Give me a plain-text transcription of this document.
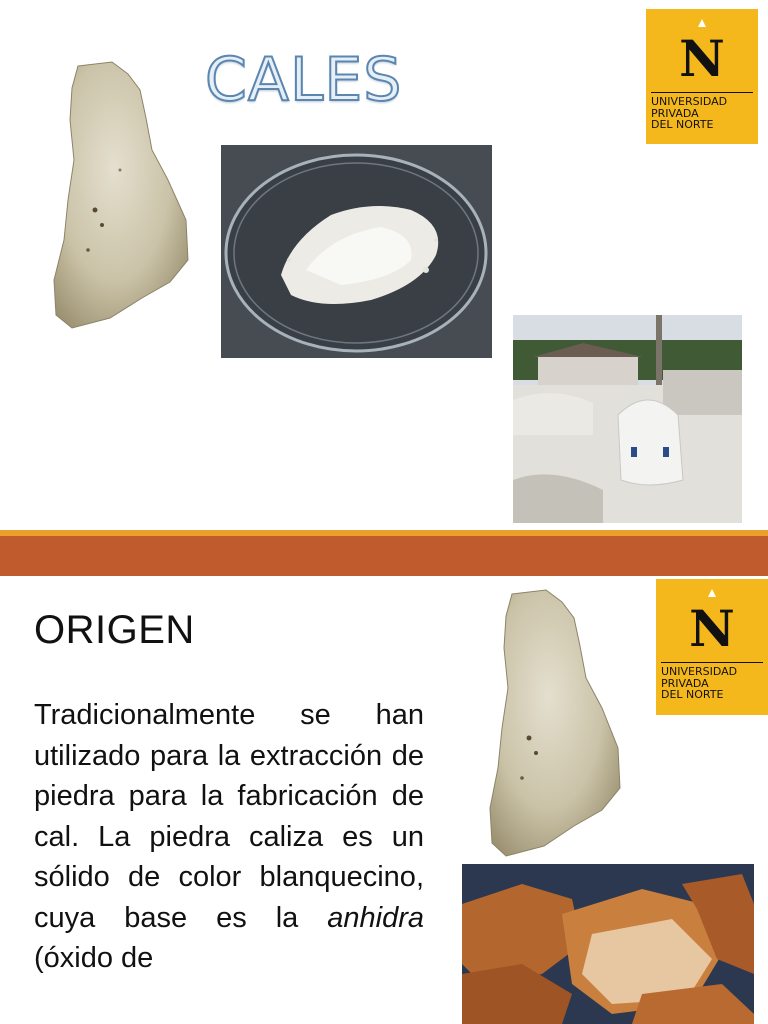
CALES	N
UNIVERSIDAD
PRIVADA
DEL NORTE
ORIGEN
Tradicionalmente se han utilizado para la extracción de piedra para la fabricación de cal. La piedra caliza es un sólido de color blanquecino, cuya base es la anhidra (óxido de
N
UNIVERSIDAD
PRIVADA
DEL NORTE
